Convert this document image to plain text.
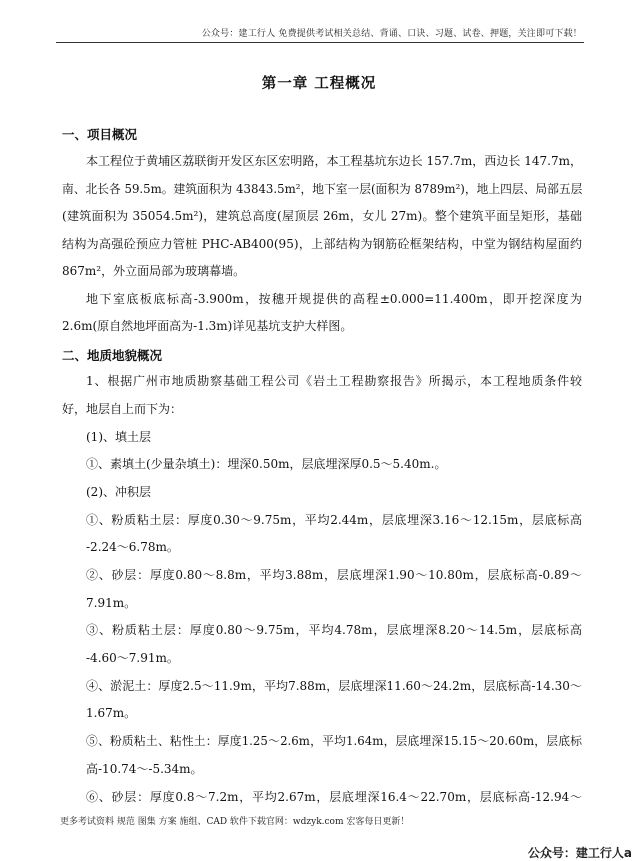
公众号：建工行人 免费提供考试相关总结、背诵、口诀、习题、试卷、押题，关注即可下载！
第一章 工程概况
一、项目概况
本工程位于黄埔区荔联街开发区东区宏明路，本工程基坑东边长 157.7m，西边长 147.7m，
南、北长各 59.5m。建筑面积为 43843.5m²，地下室一层(面积为 8789m²)，地上四层、局部五层
(建筑面积为 35054.5m²)，建筑总高度(屋顶层 26m，女儿 27m)。整个建筑平面呈矩形，基础
结构为高强砼预应力管桩 PHC-AB400(95)，上部结构为钢筋砼框架结构，中堂为钢结构屋面约
867m²，外立面局部为玻璃幕墙。
地下室底板底标高-3.900m，按穗开规提供的高程±0.000=11.400m，即开挖深度为
2.6m(原自然地坪面高为-1.3m)详见基坑支护大样图。
二、地质地貌概况
1、根据广州市地质勘察基础工程公司《岩土工程勘察报告》所揭示，本工程地质条件较
好，地层自上而下为：
(1)、填土层
①、素填土(少量杂填土)：埋深0.50m，层底埋深厚0.5～5.40m.。
(2)、冲积层
①、粉质粘土层：厚度0.30～9.75m，平均2.44m，层底埋深3.16～12.15m，层底标高
-2.24～6.78m。
②、砂层：厚度0.80～8.8m，平均3.88m，层底埋深1.90～10.80m，层底标高-0.89～
7.91m。
③、粉质粘土层：厚度0.80～9.75m，平均4.78m，层底埋深8.20～14.5m，层底标高
-4.60～7.91m。
④、淤泥土：厚度2.5～11.9m，平均7.88m，层底埋深11.60～24.2m，层底标高-14.30～
1.67m。
⑤、粉质粘土、粘性土：厚度1.25～2.6m，平均1.64m，层底埋深15.15～20.60m，层底标
高-10.74～-5.34m。
⑥、砂层：厚度0.8～7.2m，平均2.67m，层底埋深16.4～22.70m，层底标高-12.94～
更多考试资料 规范 图集 方案 施组、CAD 软件下载官网：wdzyk.com 宏客每日更新！
公众号：建工行人a
